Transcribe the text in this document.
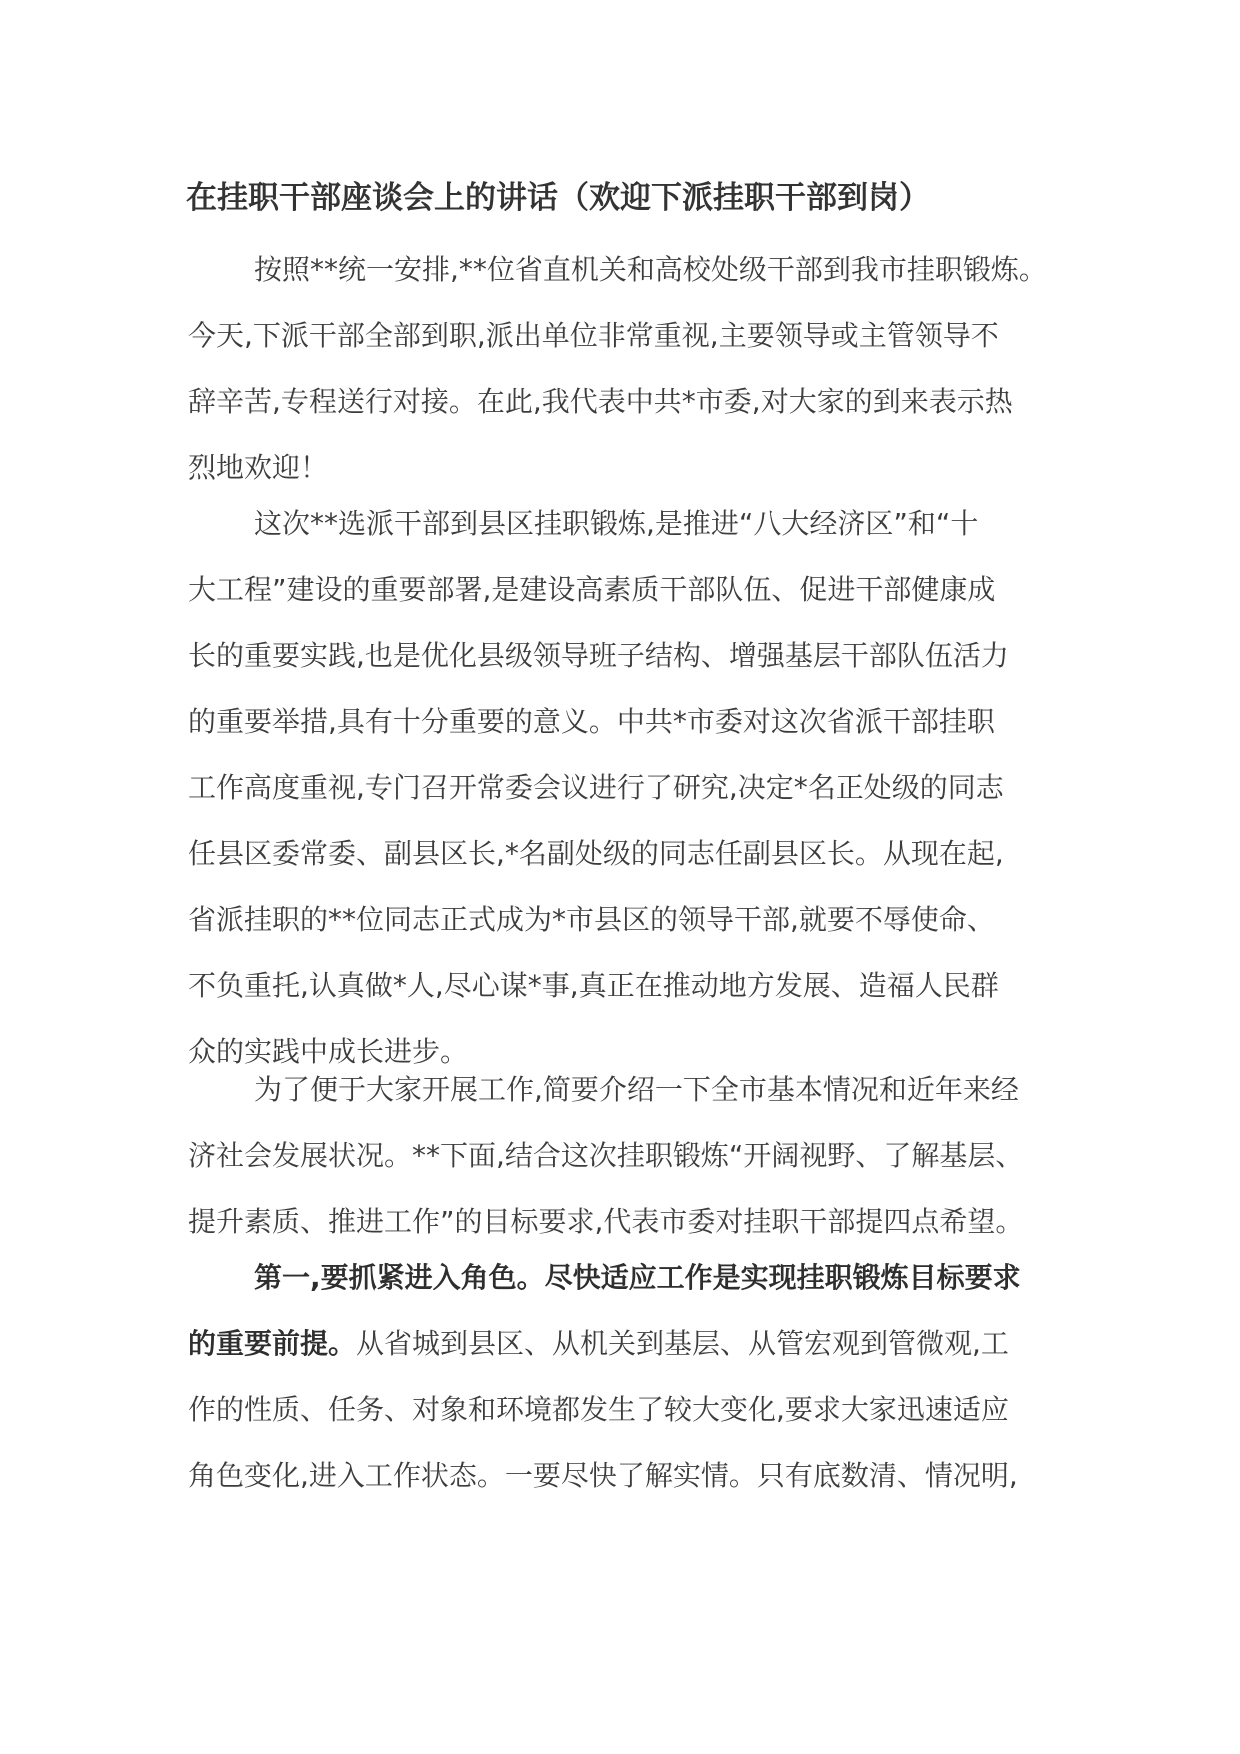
在挂职干部座谈会上的讲话（欢迎下派挂职干部到岗）

按照**统一安排,**位省直机关和高校处级干部到我市挂职锻炼。
今天,下派干部全部到职,派出单位非常重视,主要领导或主管领导不
辞辛苦,专程送行对接。在此,我代表中共*市委,对大家的到来表示热
烈地欢迎！

这次**选派干部到县区挂职锻炼,是推进“八大经济区”和“十
大工程”建设的重要部署,是建设高素质干部队伍、促进干部健康成
长的重要实践,也是优化县级领导班子结构、增强基层干部队伍活力
的重要举措,具有十分重要的意义。中共*市委对这次省派干部挂职
工作高度重视,专门召开常委会议进行了研究,决定*名正处级的同志
任县区委常委、副县区长,*名副处级的同志任副县区长。从现在起,
省派挂职的**位同志正式成为*市县区的领导干部,就要不辱使命、
不负重托,认真做*人,尽心谋*事,真正在推动地方发展、造福人民群
众的实践中成长进步。

为了便于大家开展工作,简要介绍一下全市基本情况和近年来经
济社会发展状况。**下面,结合这次挂职锻炼“开阔视野、了解基层、
提升素质、推进工作”的目标要求,代表市委对挂职干部提四点希望。

第一,要抓紧进入角色。尽快适应工作是实现挂职锻炼目标要求
的重要前提。从省城到县区、从机关到基层、从管宏观到管微观,工
作的性质、任务、对象和环境都发生了较大变化,要求大家迅速适应
角色变化,进入工作状态。一要尽快了解实情。只有底数清、情况明,
